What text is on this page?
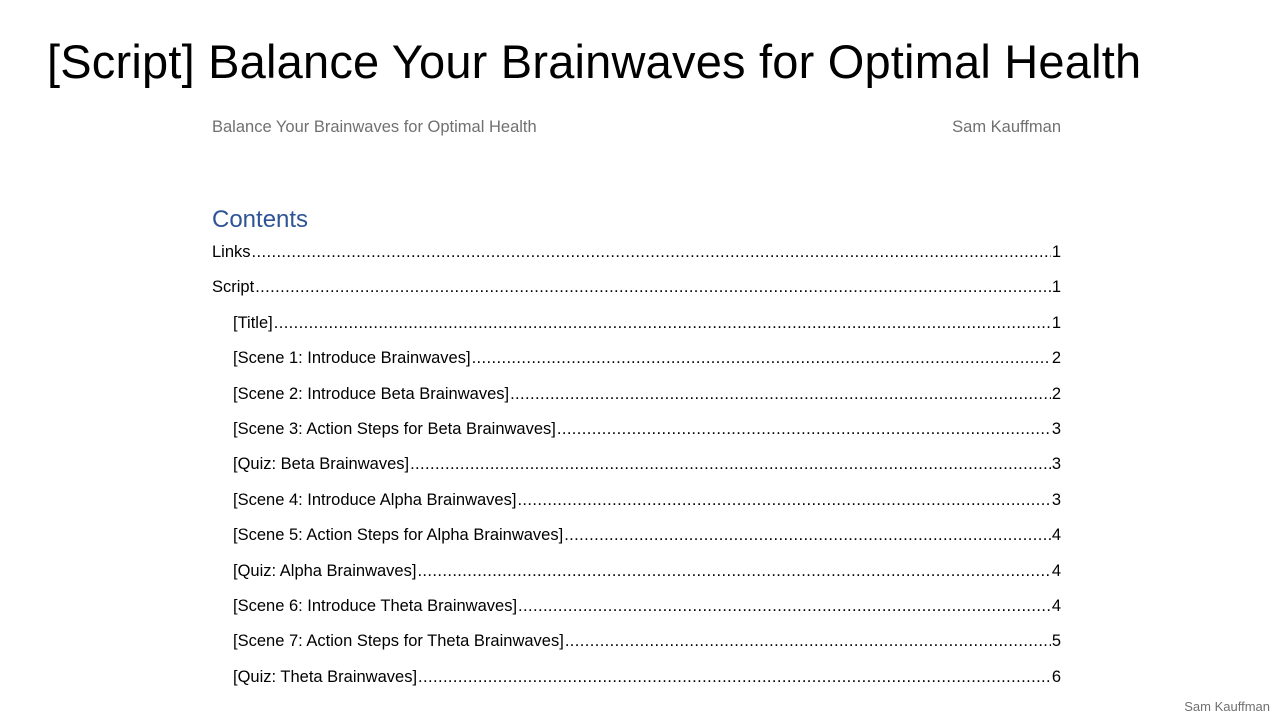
[Script] Balance Your Brainwaves for Optimal Health
Balance Your Brainwaves for Optimal Health	Sam Kauffman
Contents
Links .....	1
Script .....	1
[Title] .....	1
[Scene 1: Introduce Brainwaves] .....	2
[Scene 2: Introduce Beta Brainwaves] .....	2
[Scene 3: Action Steps for Beta Brainwaves] .....	3
[Quiz: Beta Brainwaves] .....	3
[Scene 4: Introduce Alpha Brainwaves] .....	3
[Scene 5: Action Steps for Alpha Brainwaves] .....	4
[Quiz: Alpha Brainwaves] .....	4
[Scene 6: Introduce Theta Brainwaves] .....	4
[Scene 7: Action Steps for Theta Brainwaves] .....	5
[Quiz: Theta Brainwaves] .....	6
Sam Kauffman
